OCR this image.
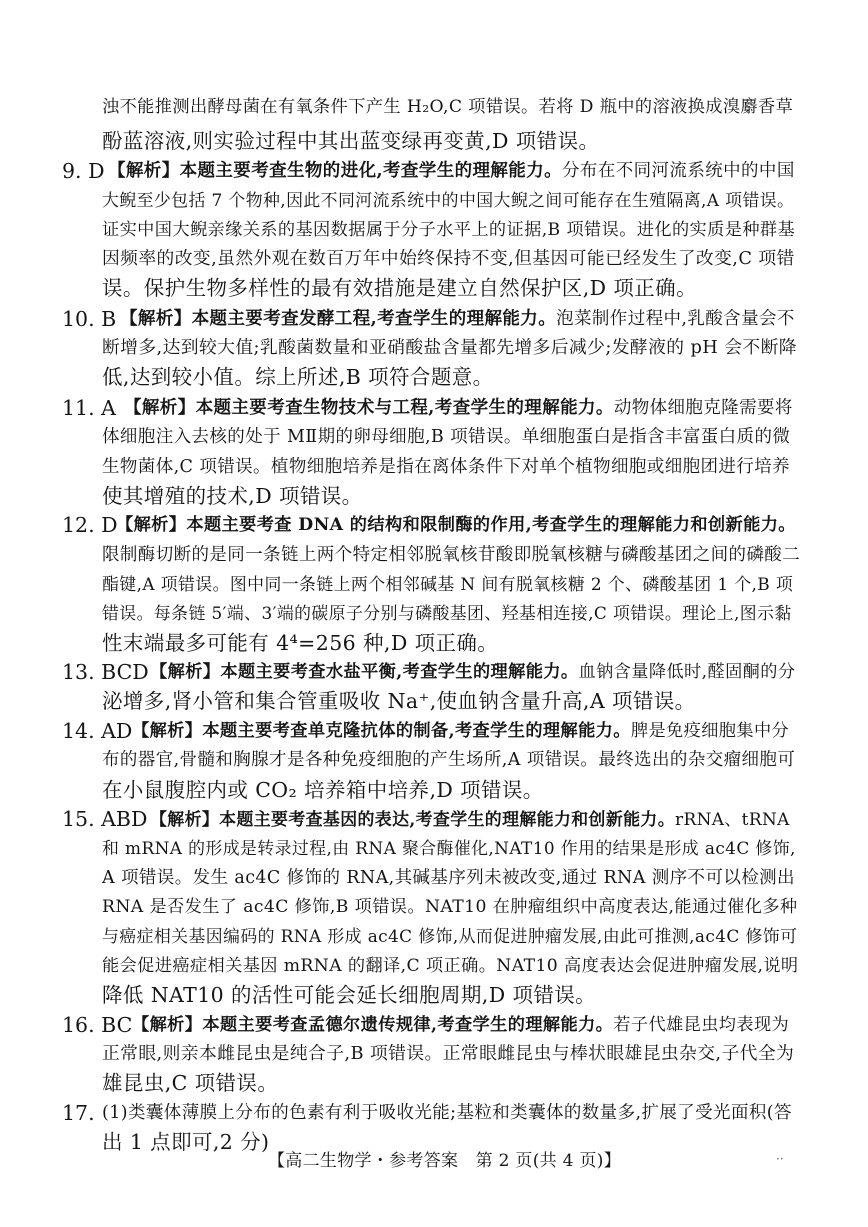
浊不能推测出酵母菌在有氧条件下产生 H₂O,C 项错误。若将 D 瓶中的溶液换成溴麝香草
酚蓝溶液,则实验过程中其出蓝变绿再变黄,D 项错误。
9. D 【解析】本题主要考查生物的进化,考查学生的理解能力。分布在不同河流系统中的中国
大鲵至少包括 7 个物种,因此不同河流系统中的中国大鲵之间可能存在生殖隔离,A 项错误。
证实中国大鲵亲缘关系的基因数据属于分子水平上的证据,B 项错误。进化的实质是种群基
因频率的改变,虽然外观在数百万年中始终保持不变,但基因可能已经发生了改变,C 项错
误。保护生物多样性的最有效措施是建立自然保护区,D 项正确。
10. B 【解析】本题主要考查发酵工程,考查学生的理解能力。泡菜制作过程中,乳酸含量会不
断增多,达到较大值;乳酸菌数量和亚硝酸盐含量都先增多后减少;发酵液的 pH 会不断降
低,达到较小值。综上所述,B 项符合题意。
11. A 【解析】本题主要考查生物技术与工程,考查学生的理解能力。动物体细胞克隆需要将
体细胞注入去核的处于 MⅡ期的卵母细胞,B 项错误。单细胞蛋白是指含丰富蛋白质的微
生物菌体,C 项错误。植物细胞培养是指在离体条件下对单个植物细胞或细胞团进行培养
使其增殖的技术,D 项错误。
12. D
【解析】本题主要考查 DNA 的结构和限制酶的作用,考查学生的理解能力和创新能力。
限制酶切断的是同一条链上两个特定相邻脱氧核苷酸即脱氧核糖与磷酸基团之间的磷酸二
酯键,A 项错误。图中同一条链上两个相邻碱基 N 间有脱氧核糖 2 个、磷酸基团 1 个,B 项
错误。每条链 5′端、3′端的碳原子分别与磷酸基团、羟基相连接,C 项错误。理论上,图示黏
性末端最多可能有 4⁴=256 种,D 项正确。
13. BCD 【解析】本题主要考查水盐平衡,考查学生的理解能力。血钠含量降低时,醛固酮的分
泌增多,肾小管和集合管重吸收 Na⁺,使血钠含量升高,A 项错误。
14. AD 【解析】本题主要考查单克隆抗体的制备,考查学生的理解能力。脾是免疫细胞集中分
布的器官,骨髓和胸腺才是各种免疫细胞的产生场所,A 项错误。最终选出的杂交瘤细胞可
在小鼠腹腔内或 CO₂ 培养箱中培养,D 项错误。
15. ABD 【解析】本题主要考查基因的表达,考查学生的理解能力和创新能力。rRNA、tRNA
和 mRNA 的形成是转录过程,由 RNA 聚合酶催化,NAT10 作用的结果是形成 ac4C 修饰,
A 项错误。发生 ac4C 修饰的 RNA,其碱基序列未被改变,通过 RNA 测序不可以检测出
RNA 是否发生了 ac4C 修饰,B 项错误。NAT10 在肿瘤组织中高度表达,能通过催化多种
与癌症相关基因编码的 RNA 形成 ac4C 修饰,从而促进肿瘤发展,由此可推测,ac4C 修饰可
能会促进癌症相关基因 mRNA 的翻译,C 项正确。NAT10 高度表达会促进肿瘤发展,说明
降低 NAT10 的活性可能会延长细胞周期,D 项错误。
16. BC 【解析】本题主要考查孟德尔遗传规律,考查学生的理解能力。若子代雄昆虫均表现为
正常眼,则亲本雌昆虫是纯合子,B 项错误。正常眼雌昆虫与棒状眼雄昆虫杂交,子代全为
雄昆虫,C 项错误。
17. (1)类囊体薄膜上分布的色素有利于吸收光能;基粒和类囊体的数量多,扩展了受光面积(答
出 1 点即可,2 分)
【高二生物学・参考答案　第 2 页(共 4 页)】	··
